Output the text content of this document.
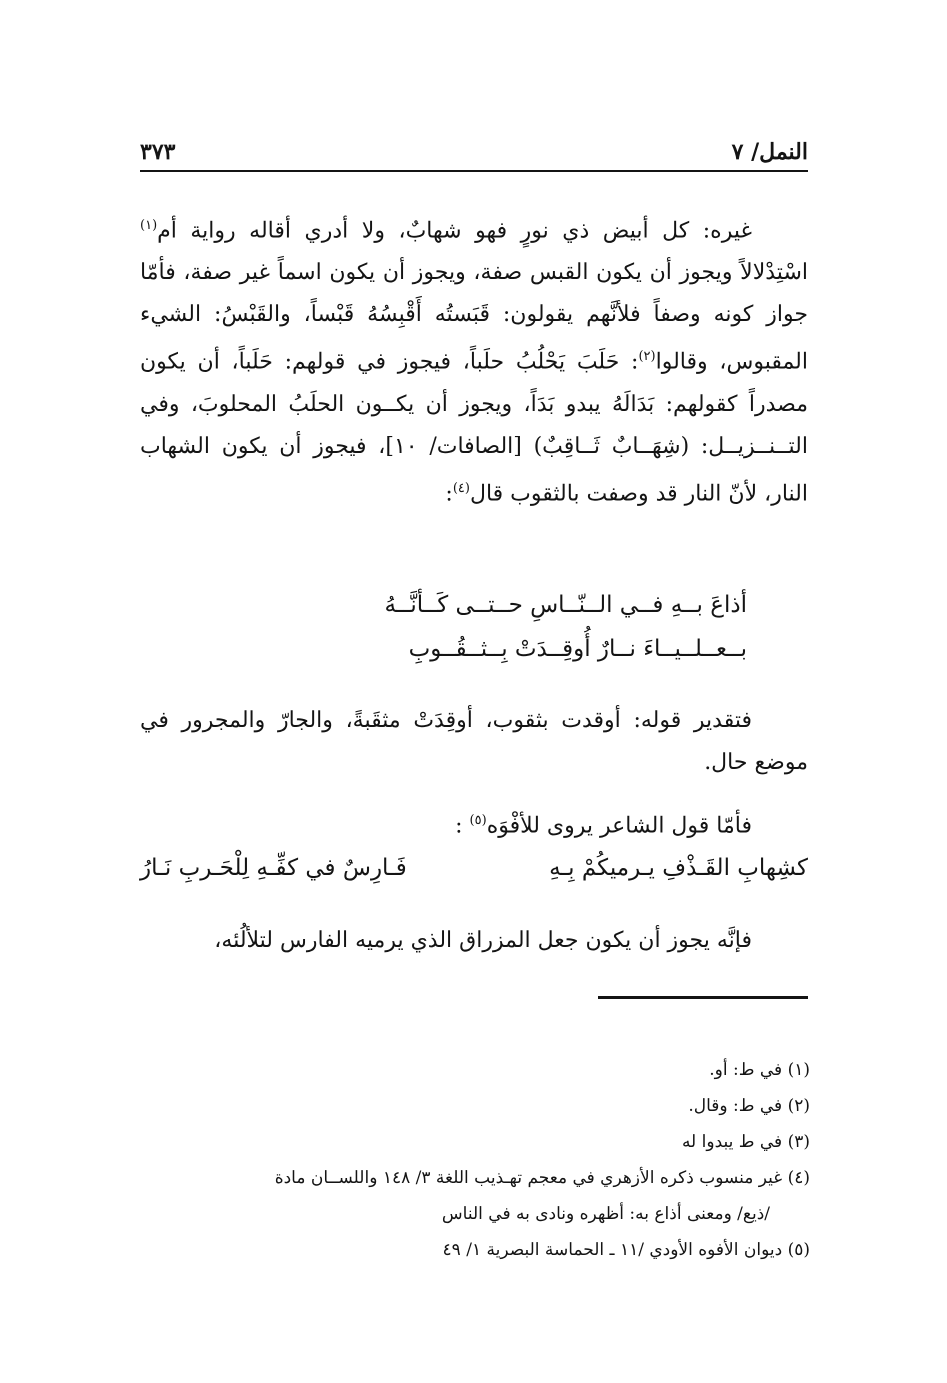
٣٧٣	النمل/ ٧

غيره: كل أبيض ذي نورٍ فهو شهابٌ، ولا أدري أقاله رواية أم$^{(١)}$ اسْتِدْلالاً ويجوز أن يكون القبس صفة، ويجوز أن يكون اسماً غير صفة، فأمّا جواز كونه وصفاً فلأنَّهم يقولون: قَبَستُه أَقْبِسُهُ قَبْساً، والقَبْسُ: الشيء المقبوس، وقالوا$^{(٢)}$: حَلَبَ يَحْلُبُ حلَباً، فيجوز في قولهم: حَلَباً، أن يكون مصدراً كقولهم: بَدَالَهُ يبدو بَدَاً، ويجوز أن يكــون الحلَبُ المحلوبَ، وفي التــنــزيــل: (شِهَــابٌ ثَــاقِبٌ) [الصافات/ ١٠]، فيجوز أن يكون الشهاب النار، لأنّ النار قد وصفت بالثقوب قال$^{(٤)}$:

أذاعَ بــهِ فــي الــنّــاسِ حــتــى كَــأنَّــهُ
بــعــلــيــاءَ نــارٌ أُوقِــدَتْ بِــثــقُــوبِ

فتقدير قوله: أوقدت بثقوب، أوقِدَتْ مثقَبةً، والجارّ والمجرور في موضع حال.

فأمّا قول الشاعر يروى للأفْوَه$^{(٥)}$ :

كشِهابِ القَـذْفِ يـرميكُمْ بِـهِ
فَـارِسٌ في كفِّـهِ لِلْحَـربِ نَـارُ

فإنَّه يجوز أن يكون جعل المزراق الذي يرميه الفارس لتلألُئه،

(١) في ط: أو.
(٢) في ط: وقال.
(٣) في ط يبدوا له
(٤) غير منسوب ذكره الأزهري في معجم تهـذيب اللغة ٣/ ١٤٨ واللســان مادة
/ذيع/ ومعنى أذاع به: أظهره ونادى به في الناس
(٥) ديوان الأفوه الأودي /١١ ـ الحماسة البصرية ١/ ٤٩
